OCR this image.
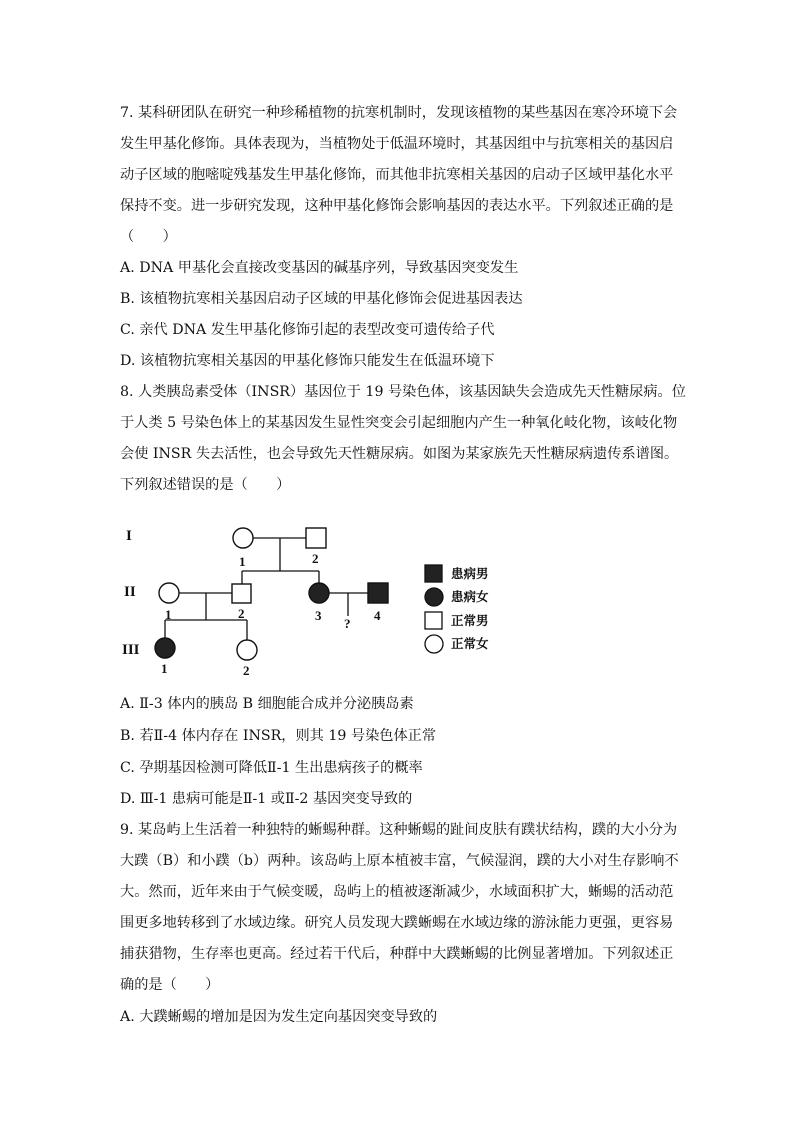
7. 某科研团队在研究一种珍稀植物的抗寒机制时，发现该植物的某些基因在寒冷环境下会
发生甲基化修饰。具体表现为，当植物处于低温环境时，其基因组中与抗寒相关的基因启
动子区域的胞嘧啶残基发生甲基化修饰，而其他非抗寒相关基因的启动子区域甲基化水平
保持不变。进一步研究发现，这种甲基化修饰会影响基因的表达水平。下列叙述正确的是
（　　）
A. DNA 甲基化会直接改变基因的碱基序列，导致基因突变发生
B. 该植物抗寒相关基因启动子区域的甲基化修饰会促进基因表达
C. 亲代 DNA 发生甲基化修饰引起的表型改变可遗传给子代
D. 该植物抗寒相关基因的甲基化修饰只能发生在低温环境下
8. 人类胰岛素受体（INSR）基因位于 19 号染色体，该基因缺失会造成先天性糖尿病。位
于人类 5 号染色体上的某基因发生显性突变会引起细胞内产生一种氧化岐化物，该岐化物
会使 INSR 失去活性，也会导致先天性糖尿病。如图为某家族先天性糖尿病遗传系谱图。
下列叙述错误的是（　　）
I
II
III
1	2
1	2	3	4
?
1	2
患病男
患病女
正常男
正常女
A. Ⅱ-3 体内的胰岛 B 细胞能合成并分泌胰岛素
B. 若Ⅱ-4 体内存在 INSR，则其 19 号染色体正常
C. 孕期基因检测可降低Ⅱ-1 生出患病孩子的概率
D. Ⅲ-1 患病可能是Ⅱ-1 或Ⅱ-2 基因突变导致的
9. 某岛屿上生活着一种独特的蜥蜴种群。这种蜥蜴的趾间皮肤有蹼状结构，蹼的大小分为
大蹼（B）和小蹼（b）两种。该岛屿上原本植被丰富，气候湿润，蹼的大小对生存影响不
大。然而，近年来由于气候变暖，岛屿上的植被逐渐减少，水域面积扩大，蜥蜴的活动范
围更多地转移到了水域边缘。研究人员发现大蹼蜥蜴在水域边缘的游泳能力更强，更容易
捕获猎物，生存率也更高。经过若干代后，种群中大蹼蜥蜴的比例显著增加。下列叙述正
确的是（　　）
A. 大蹼蜥蜴的增加是因为发生定向基因突变导致的
